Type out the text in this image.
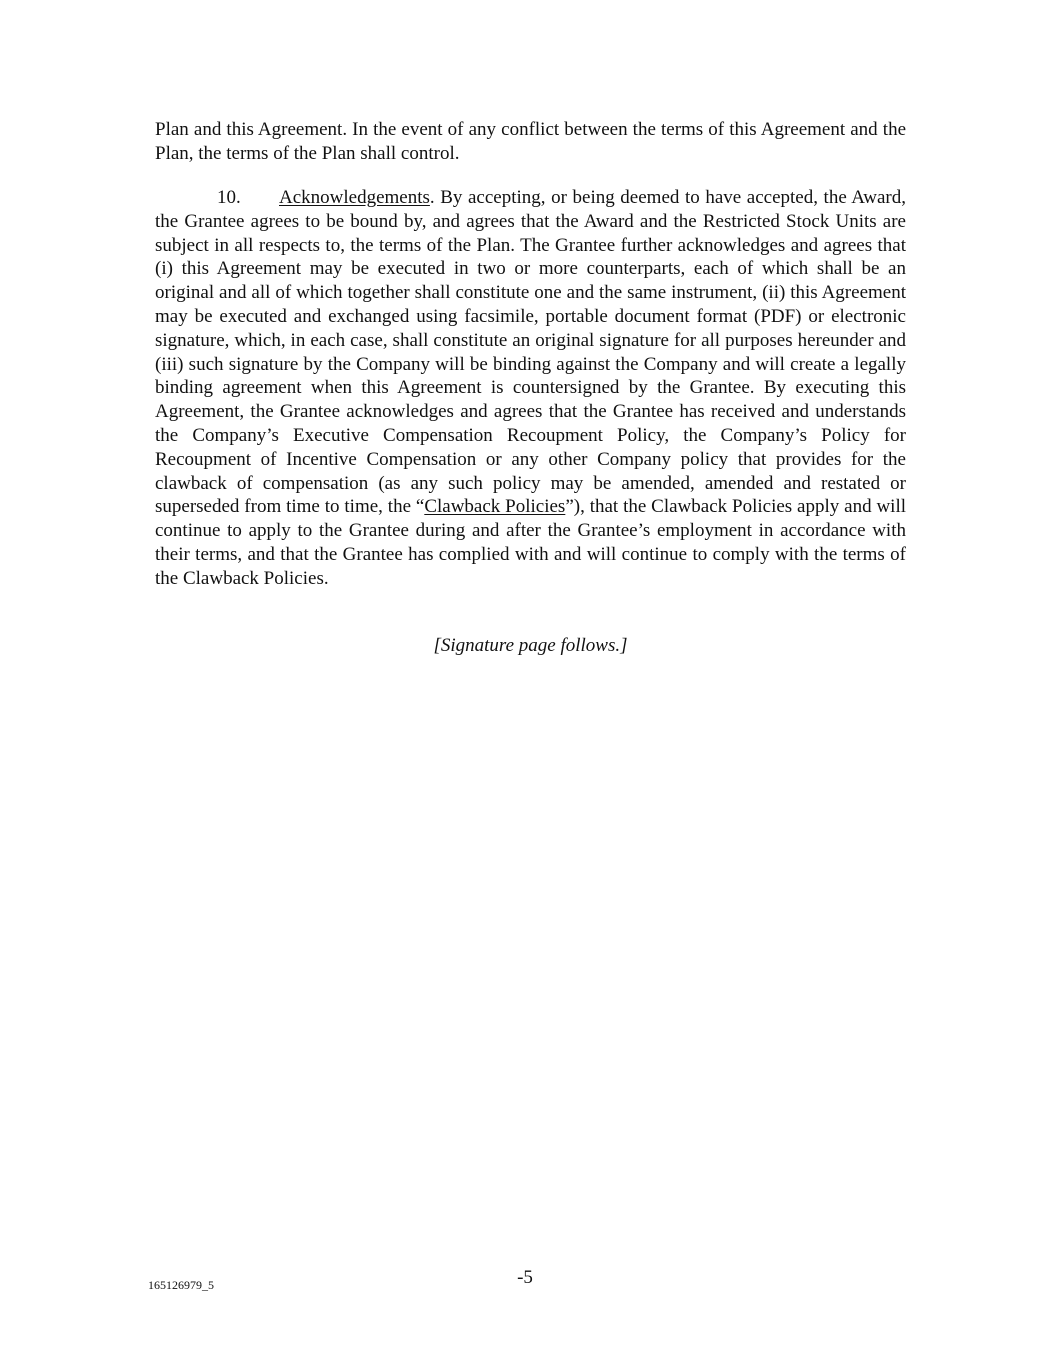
Plan and this Agreement. In the event of any conflict between the terms of this Agreement and the Plan, the terms of the Plan shall control.

10. Acknowledgements. By accepting, or being deemed to have accepted, the Award, the Grantee agrees to be bound by, and agrees that the Award and the Restricted Stock Units are subject in all respects to, the terms of the Plan. The Grantee further acknowledges and agrees that (i) this Agreement may be executed in two or more counterparts, each of which shall be an original and all of which together shall constitute one and the same instrument, (ii) this Agreement may be executed and exchanged using facsimile, portable document format (PDF) or electronic signature, which, in each case, shall constitute an original signature for all purposes hereunder and (iii) such signature by the Company will be binding against the Company and will create a legally binding agreement when this Agreement is countersigned by the Grantee. By executing this Agreement, the Grantee acknowledges and agrees that the Grantee has received and understands the Company’s Executive Compensation Recoupment Policy, the Company’s Policy for Recoupment of Incentive Compensation or any other Company policy that provides for the clawback of compensation (as any such policy may be amended, amended and restated or superseded from time to time, the “Clawback Policies”), that the Clawback Policies apply and will continue to apply to the Grantee during and after the Grantee’s employment in accordance with their terms, and that the Grantee has complied with and will continue to comply with the terms of the Clawback Policies.

[Signature page follows.]
165126979_5	-5
